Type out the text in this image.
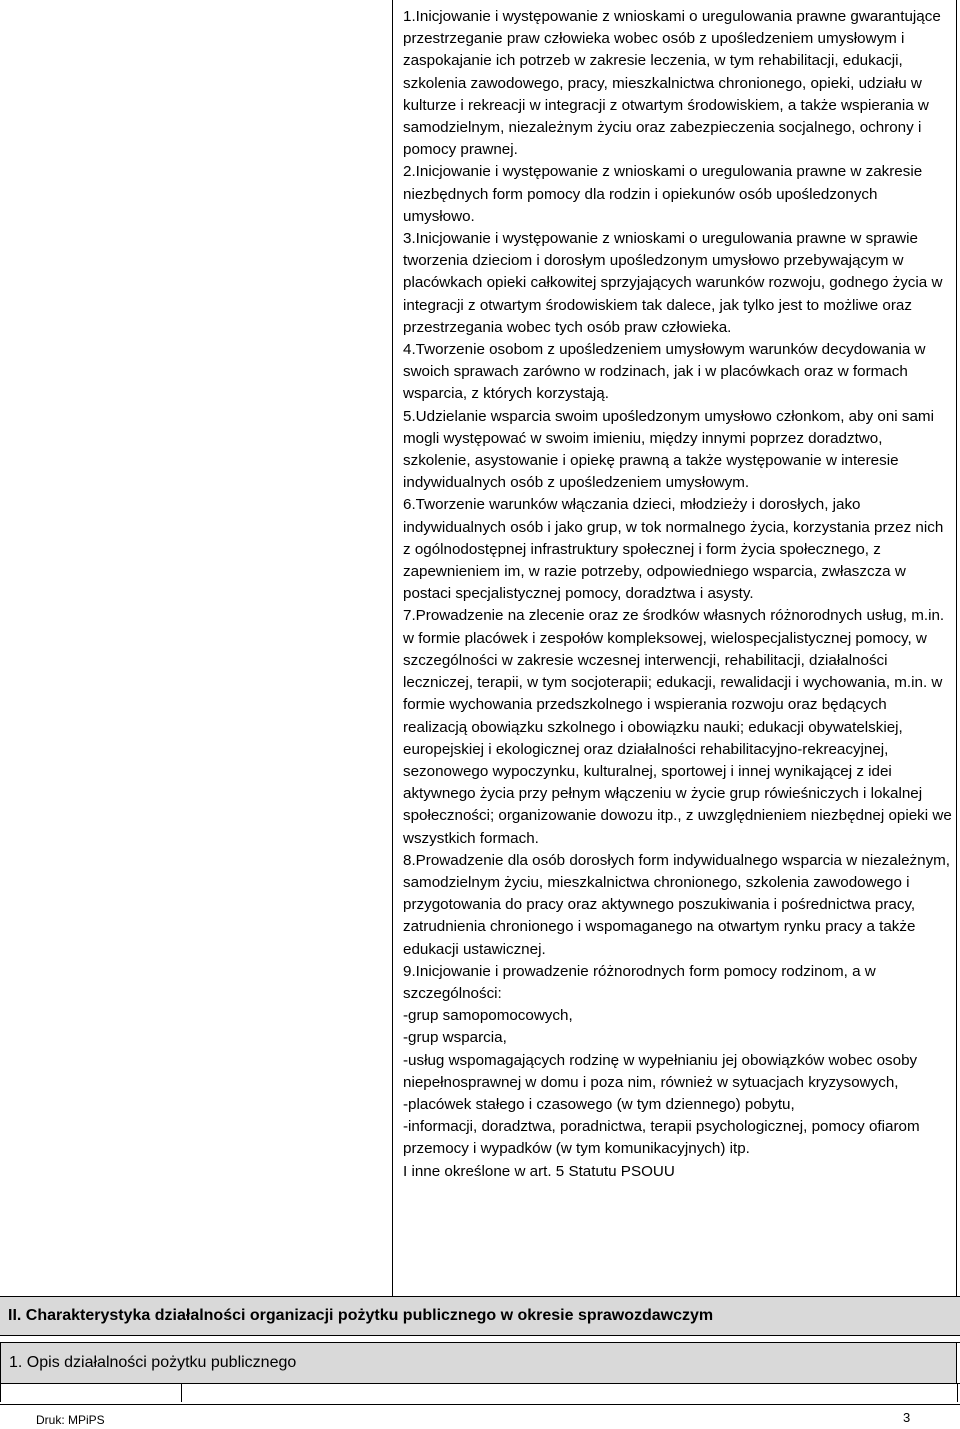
1.Inicjowanie i występowanie z wnioskami o uregulowania prawne gwarantujące przestrzeganie praw człowieka wobec osób z upośledzeniem umysłowym i zaspokajanie ich potrzeb w zakresie leczenia, w tym rehabilitacji, edukacji, szkolenia zawodowego, pracy, mieszkalnictwa chronionego, opieki, udziału w kulturze i rekreacji w integracji z otwartym środowiskiem, a także wspierania w samodzielnym, niezależnym życiu oraz zabezpieczenia socjalnego, ochrony i pomocy prawnej.
2.Inicjowanie i występowanie z wnioskami o uregulowania prawne w zakresie niezbędnych form pomocy dla rodzin i opiekunów osób upośledzonych umysłowo.
3.Inicjowanie i występowanie z wnioskami o uregulowania prawne w sprawie tworzenia dzieciom i dorosłym upośledzonym umysłowo przebywającym w placówkach opieki całkowitej sprzyjających warunków rozwoju, godnego życia w integracji z otwartym środowiskiem tak dalece, jak tylko jest to możliwe oraz przestrzegania wobec tych osób praw człowieka.
4.Tworzenie osobom z upośledzeniem umysłowym warunków decydowania w swoich sprawach zarówno w rodzinach, jak i w placówkach oraz w formach wsparcia, z których korzystają.
5.Udzielanie wsparcia swoim upośledzonym umysłowo członkom, aby oni sami mogli występować w swoim imieniu, między innymi poprzez doradztwo, szkolenie, asystowanie i opiekę prawną a także występowanie w interesie indywidualnych osób z upośledzeniem umysłowym.
6.Tworzenie warunków włączania dzieci, młodzieży i dorosłych, jako indywidualnych osób i jako grup, w tok normalnego życia, korzystania przez nich z ogólnodostępnej infrastruktury społecznej i form życia społecznego, z zapewnieniem im, w razie potrzeby, odpowiedniego wsparcia, zwłaszcza w postaci specjalistycznej pomocy, doradztwa i asysty.
7.Prowadzenie na zlecenie oraz ze środków własnych różnorodnych usług, m.in. w formie placówek i zespołów kompleksowej, wielospecjalistycznej pomocy, w szczególności w zakresie wczesnej interwencji, rehabilitacji, działalności leczniczej, terapii, w tym socjoterapii; edukacji, rewalidacji i wychowania, m.in. w formie wychowania przedszkolnego i wspierania rozwoju oraz będących realizacją obowiązku szkolnego i obowiązku nauki; edukacji obywatelskiej, europejskiej i ekologicznej oraz działalności rehabilitacyjno-rekreacyjnej, sezonowego wypoczynku, kulturalnej, sportowej i innej wynikającej z idei aktywnego życia przy pełnym włączeniu w życie grup rówieśniczych i lokalnej społeczności; organizowanie dowozu itp., z uwzględnieniem niezbędnej opieki we wszystkich formach.
8.Prowadzenie dla osób dorosłych form indywidualnego wsparcia w niezależnym, samodzielnym życiu, mieszkalnictwa chronionego, szkolenia zawodowego i przygotowania do pracy oraz aktywnego poszukiwania i pośrednictwa pracy, zatrudnienia chronionego i wspomaganego na otwartym rynku pracy a także edukacji ustawicznej.
9.Inicjowanie i prowadzenie różnorodnych form pomocy rodzinom, a w szczególności:
-grup samopomocowych,
-grup wsparcia,
-usług wspomagających rodzinę w wypełnianiu jej obowiązków wobec osoby niepełnosprawnej w domu i poza nim, również w sytuacjach kryzysowych,
-placówek stałego i czasowego (w tym dziennego) pobytu,
-informacji, doradztwa, poradnictwa, terapii psychologicznej, pomocy ofiarom przemocy i wypadków (w tym komunikacyjnych) itp.
I inne określone w art. 5 Statutu PSOUU
II. Charakterystyka działalności organizacji pożytku publicznego w okresie sprawozdawczym
1. Opis działalności pożytku publicznego
Druk: MPiPS	3
